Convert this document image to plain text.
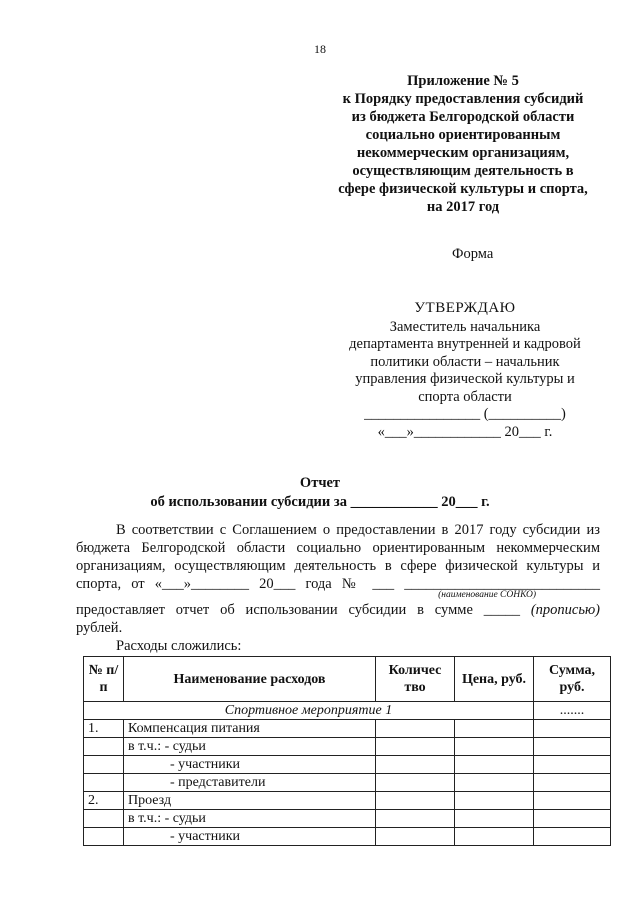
18
Приложение № 5
к Порядку предоставления субсидий
из бюджета Белгородской области
социально ориентированным
некоммерческим организациям,
осуществляющим деятельность в
сфере физической культуры и спорта,
на 2017 год
Форма
УТВЕРЖДАЮ
Заместитель начальника
департамента внутренней и кадровой
политики области – начальник
управления физической культуры и
спорта области
________________ (__________)
«___»____________ 20___ г.
Отчет
об использовании субсидии за ____________ 20___ г.
В соответствии с Соглашением о предоставлении в 2017 году субсидии из
бюджета Белгородской области социально ориентированным некоммерческим
организациям, осуществляющим деятельность в сфере физической культуры и
спорта, от «___»________ 20___ года № ___ ___________________________
(наименование СОНКО)
предоставляет отчет об использовании субсидии в сумме _____ (прописью)
рублей.
Расходы сложились:
№ п/п	Наименование расходов	Количес тво	Цена, руб.	Сумма, руб.
Спортивное мероприятие 1				.......
1.	Компенсация питания			
	в т.ч.: - судьи			
	- участники			
	- представители			
2.	Проезд			
	в т.ч.: - судьи			
	- участники			
